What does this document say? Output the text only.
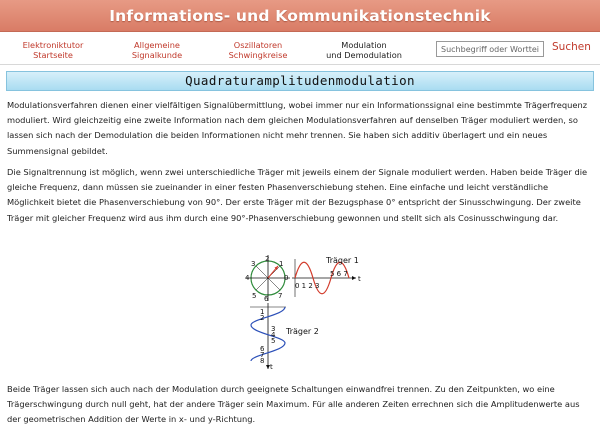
Informations- und Kommunikationstechnik
Elektroniktutor
Startseite
Allgemeine
Signalkunde
Oszillatoren
Schwingkreise
Modulation
und Demodulation
Suchbegriff oder Wortteil
Suchen
Quadraturamplitudenmodulation
Modulationsverfahren dienen einer vielfältigen Signalübermittlung, wobei immer nur ein Informationssignal eine bestimmte Trägerfrequenz moduliert. Wird gleichzeitig eine zweite Information nach dem gleichen Modulationsverfahren auf denselben Träger moduliert werden, so lassen sich nach der Demodulation die beiden Informationen nicht mehr trennen. Sie haben sich additiv überlagert und ein neues Summensignal gebildet.
Die Signaltrennung ist möglich, wenn zwei unterschiedliche Träger mit jeweils einem der Signale moduliert werden. Haben beide Träger die gleiche Frequenz, dann müssen sie zueinander in einer festen Phasenverschiebung stehen. Eine einfache und leicht verständliche Möglichkeit bietet die Phasenverschiebung von 90°. Der erste Träger mit der Bezugsphase 0° entspricht der Sinusschwingung. Der zweite Träger mit gleicher Frequenz wird aus ihm durch eine 90°-Phasenverschiebung gewonnen und stellt sich als Cosinusschwingung dar.
2
3	1
4	0
5 6 7
t
Träger 1
0 1 2 3
5 6 7
t
Träger 2
1
2
3
4
5
6
7
8
Beide Träger lassen sich auch nach der Modulation durch geeignete Schaltungen einwandfrei trennen. Zu den Zeitpunkten, wo eine Trägerschwingung durch null geht, hat der andere Träger sein Maximum. Für alle anderen Zeiten errechnen sich die Amplitudenwerte aus der geometrischen Addition der Werte in x- und y-Richtung.
